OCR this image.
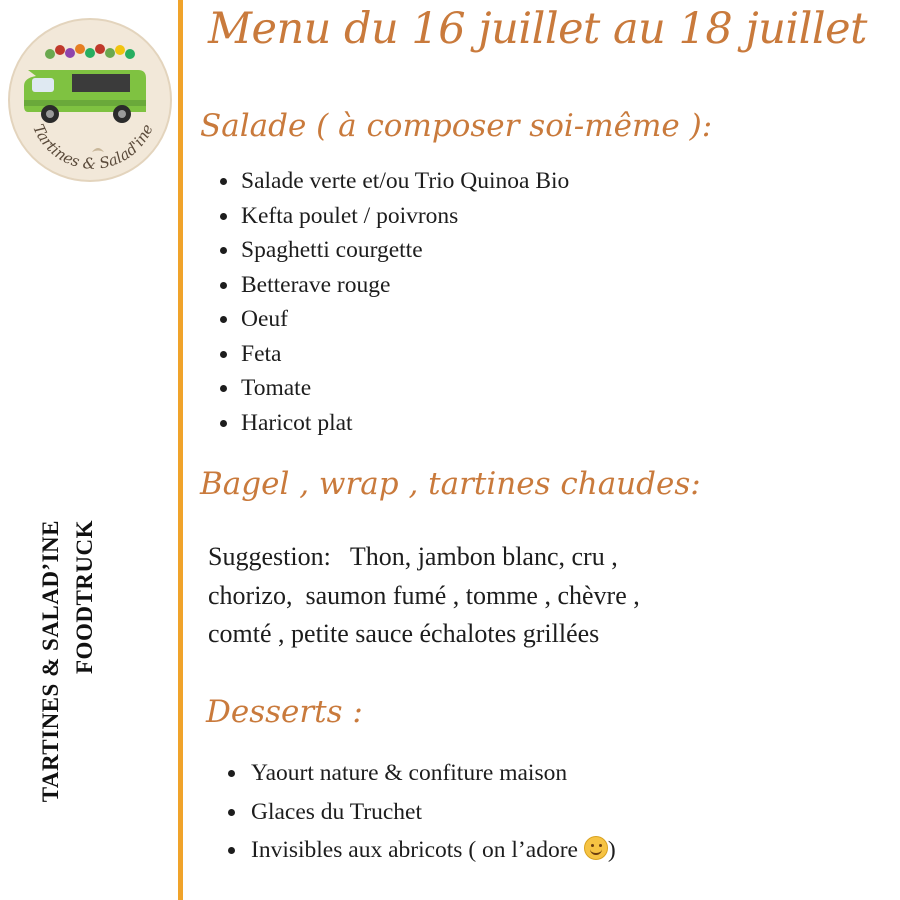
Tartines & Salad'ine
TARTINES & SALAD’INE FOODTRUCK
Menu du 16 juillet au 18 juillet
Salade ( à composer soi-même ):
Salade verte et/ou Trio Quinoa Bio
Kefta poulet / poivrons
Spaghetti courgette
Betterave rouge
Oeuf
Feta
Tomate
Haricot plat
Bagel , wrap , tartines chaudes:
Suggestion:   Thon, jambon blanc, cru ,
chorizo,  saumon fumé , tomme , chèvre ,
comté , petite sauce échalotes grillées
Desserts :
Yaourt nature & confiture maison
Glaces du Truchet
Invisibles aux abricots ( on l’adore )
